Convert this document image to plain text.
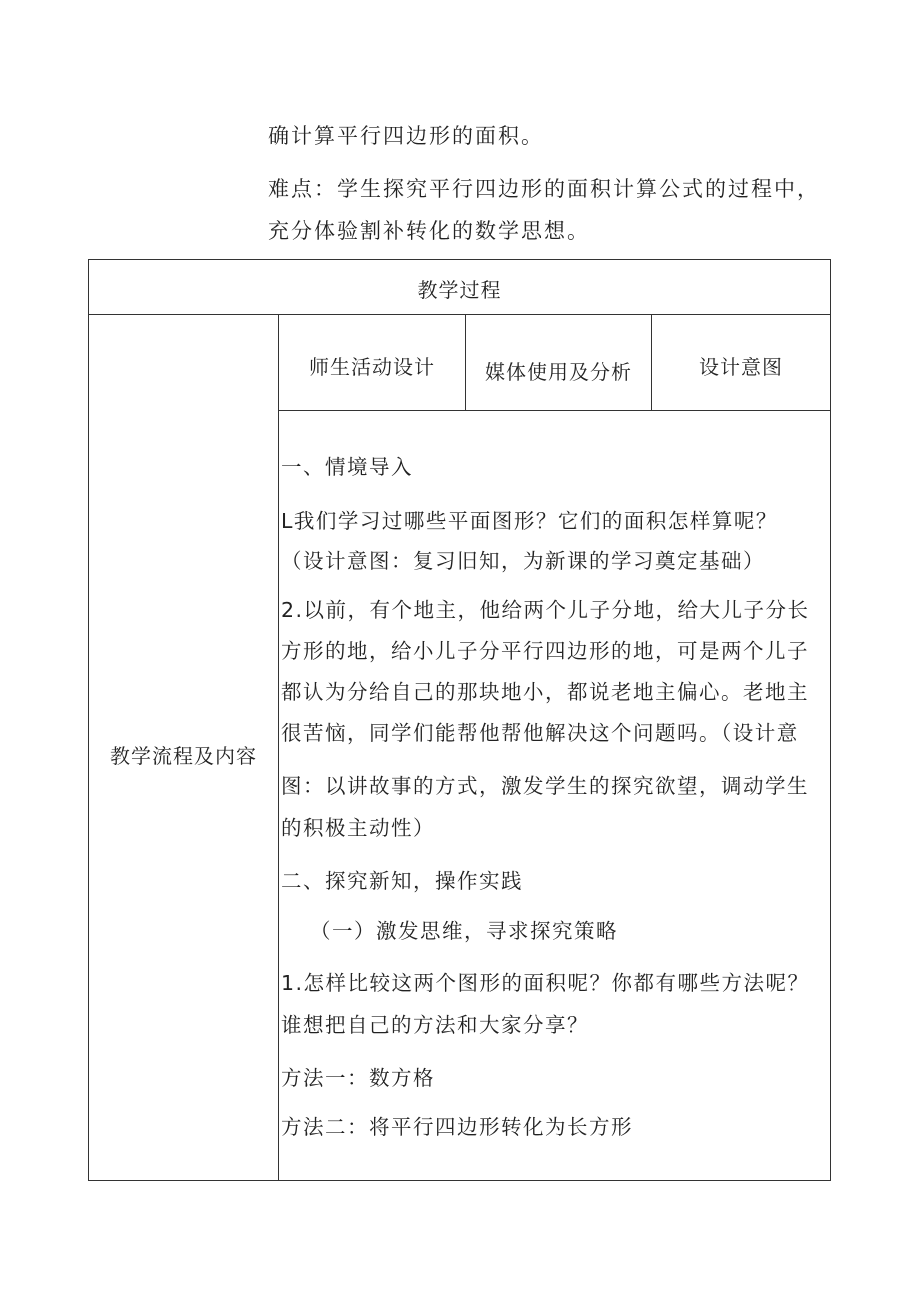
确计算平行四边形的面积。
难点：学生探究平行四边形的面积计算公式的过程中，
充分体验割补转化的数学思想。
教学过程
师生活动设计	媒体使用及分析	设计意图
教学流程及内容
一、情境导入
L我们学习过哪些平面图形？它们的面积怎样算呢？
（设计意图：复习旧知，为新课的学习奠定基础）
2.以前，有个地主，他给两个儿子分地，给大儿子分长
方形的地，给小儿子分平行四边形的地，可是两个儿子
都认为分给自己的那块地小，都说老地主偏心。老地主
很苦恼，同学们能帮他帮他解决这个问题吗。（设计意
图：以讲故事的方式，激发学生的探究欲望，调动学生
的积极主动性）
二、探究新知，操作实践
（一）激发思维，寻求探究策略
1.怎样比较这两个图形的面积呢？你都有哪些方法呢？
谁想把自己的方法和大家分享？
方法一：数方格
方法二：将平行四边形转化为长方形
